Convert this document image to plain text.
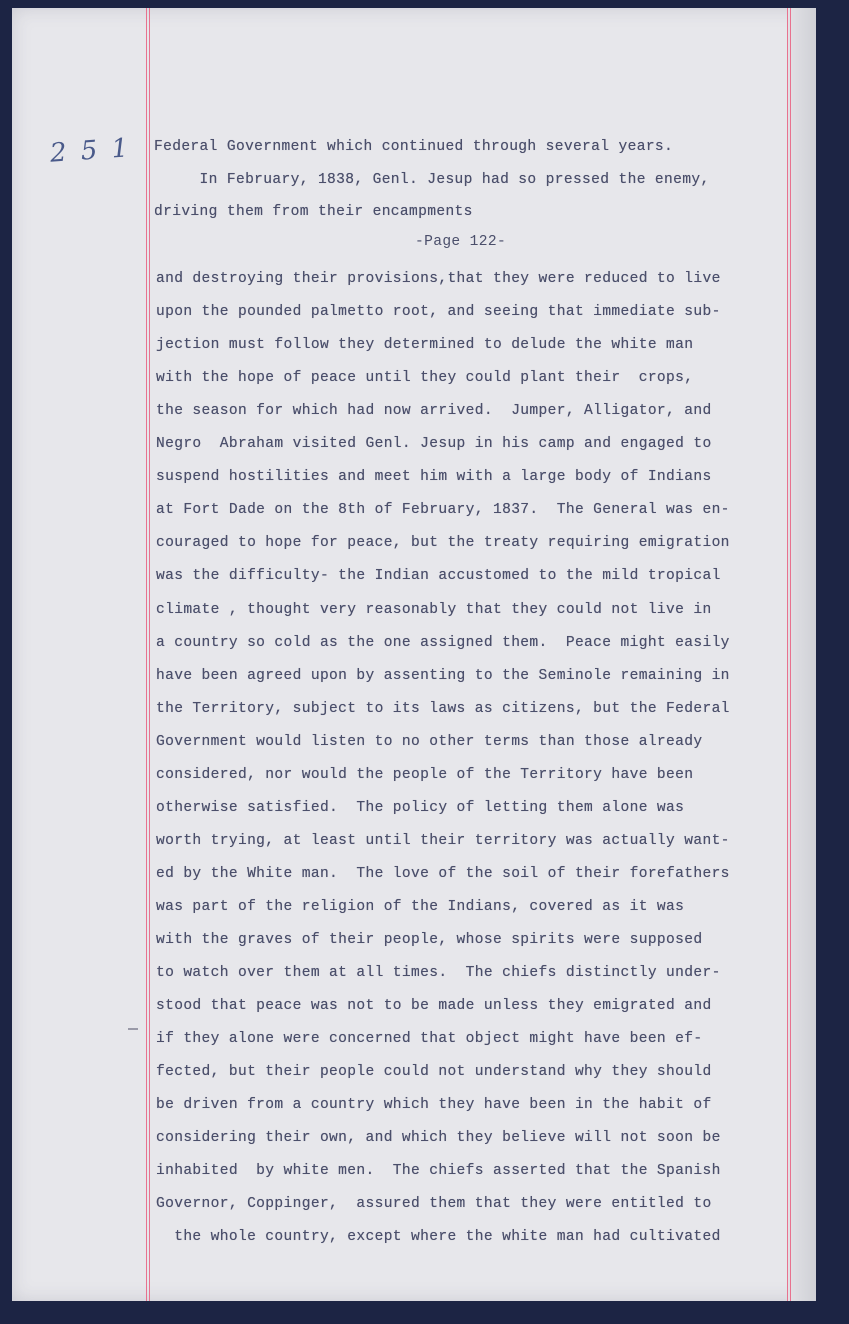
2 5 1 Federal Government which continued through several years.
In February, 1838, Genl. Jesup had so pressed the enemy,
driving them from their encampments
-Page 122-
and destroying their provisions,that they were reduced to live
upon the pounded palmetto root, and seeing that immediate sub-
jection must follow they determined to delude the white man
with the hope of peace until they could plant their  crops,
the season for which had now arrived.  Jumper, Alligator, and
Negro  Abraham visited Genl. Jesup in his camp and engaged to
suspend hostilities and meet him with a large body of Indians
at Fort Dade on the 8th of February, 1837.  The General was en-
couraged to hope for peace, but the treaty requiring emigration
was the difficulty- the Indian accustomed to the mild tropical
climate , thought very reasonably that they could not live in
a country so cold as the one assigned them.  Peace might easily
have been agreed upon by assenting to the Seminole remaining in
the Territory, subject to its laws as citizens, but the Federal
Government would listen to no other terms than those already
considered, nor would the people of the Territory have been
otherwise satisfied.  The policy of letting them alone was
worth trying, at least until their territory was actually want-
ed by the White man.  The love of the soil of their forefathers
was part of the religion of the Indians, covered as it was
with the graves of their people, whose spirits were supposed
to watch over them at all times.  The chiefs distinctly under-
stood that peace was not to be made unless they emigrated and
if they alone were concerned that object might have been ef-
fected, but their people could not understand why they should
be driven from a country which they have been in the habit of
considering their own, and which they believe will not soon be
inhabited  by white men.  The chiefs asserted that the Spanish
Governor, Coppinger,  assured them that they were entitled to
the whole country, except where the white man had cultivated
